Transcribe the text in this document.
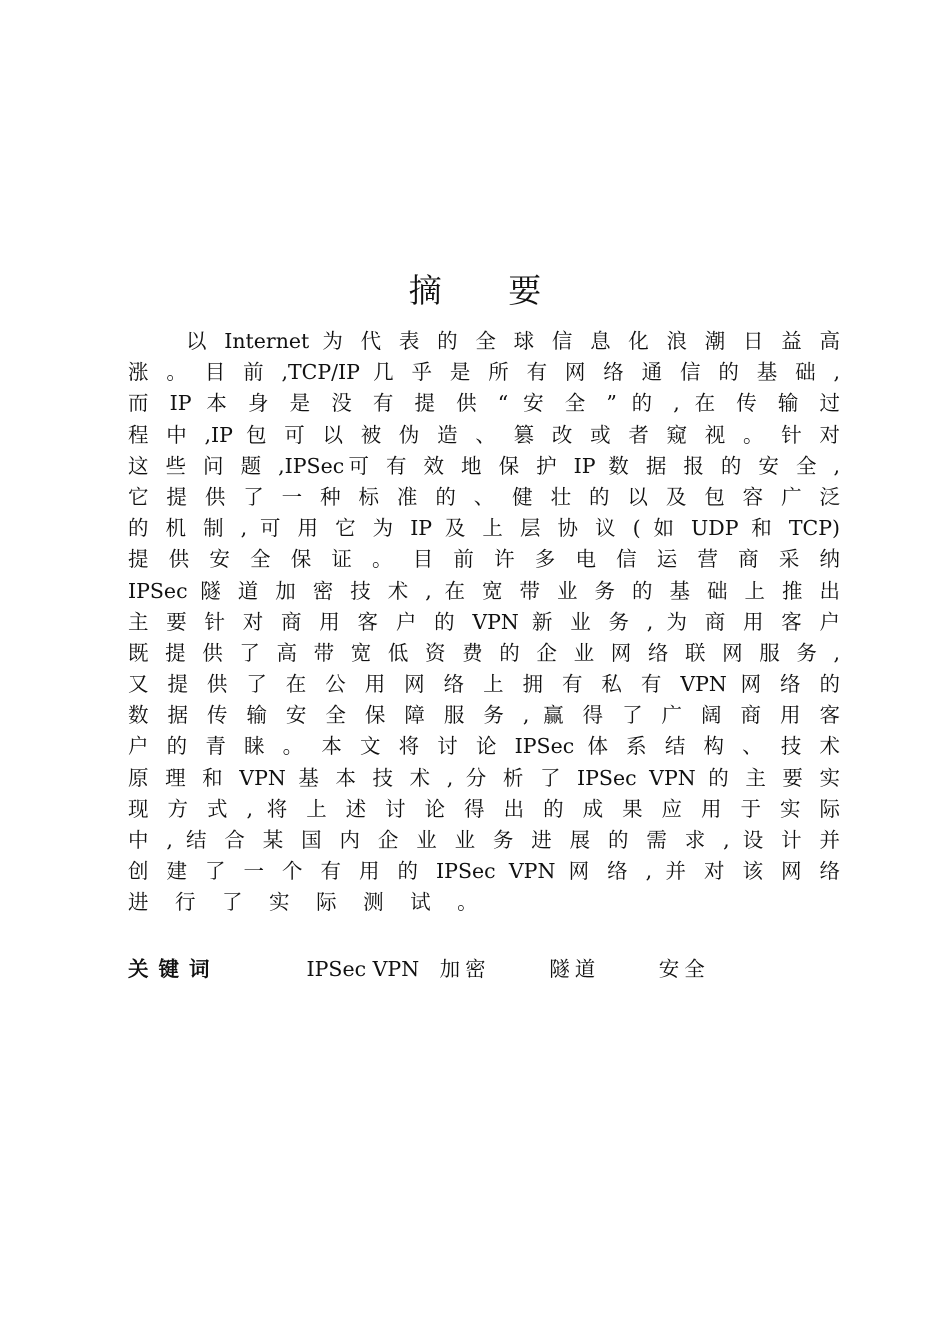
摘 要
以 Internet 为 代 表 的 全 球 信 息 化 浪 潮 日 益 高
涨 。 目 前 ,TCP/IP 几 乎 是 所 有 网 络 通 信 的 基 础 ,
而 IP 本 身 是 没 有 提 供 “ 安 全 ” 的 , 在 传 输 过
程 中 ,IP 包 可 以 被 伪 造 、 篡 改 或 者 窥 视 。 针 对
这 些 问 题 ,IPSec可 有 效 地 保 护 IP 数 据 报 的 安 全 ,
它 提 供 了 一 种 标 准 的 、 健 壮 的 以 及 包 容 广 泛
的 机 制 , 可 用 它 为 IP 及 上 层 协 议 ( 如 UDP 和 TCP)
提 供 安 全 保 证 。 目 前 许 多 电 信 运 营 商 采 纳
IPSec 隧 道 加 密 技 术 , 在 宽 带 业 务 的 基 础 上 推 出
主 要 针 对 商 用 客 户 的 VPN 新 业 务 , 为 商 用 客 户
既 提 供 了 高 带 宽 低 资 费 的 企 业 网 络 联 网 服 务 ,
又 提 供 了 在 公 用 网 络 上 拥 有 私 有 VPN 网 络 的
数 据 传 输 安 全 保 障 服 务 , 赢 得 了 广 阔 商 用 客
户 的 青 睐 。 本 文 将 讨 论 IPSec 体 系 结 构 、 技 术
原 理 和 VPN 基 本 技 术 , 分 析 了 IPSec VPN 的 主 要 实
现 方 式 , 将 上 述 讨 论 得 出 的 成 果 应 用 于 实 际
中 , 结 合 某 国 内 企 业 业 务 进 展 的 需 求 , 设 计 并
创 建 了 一 个 有 用 的 IPSec VPN 网 络 , 并 对 该 网 络
进 行 了 实 际 测 试 。
关键词	IPSec VPN 加密	隧道	安全
